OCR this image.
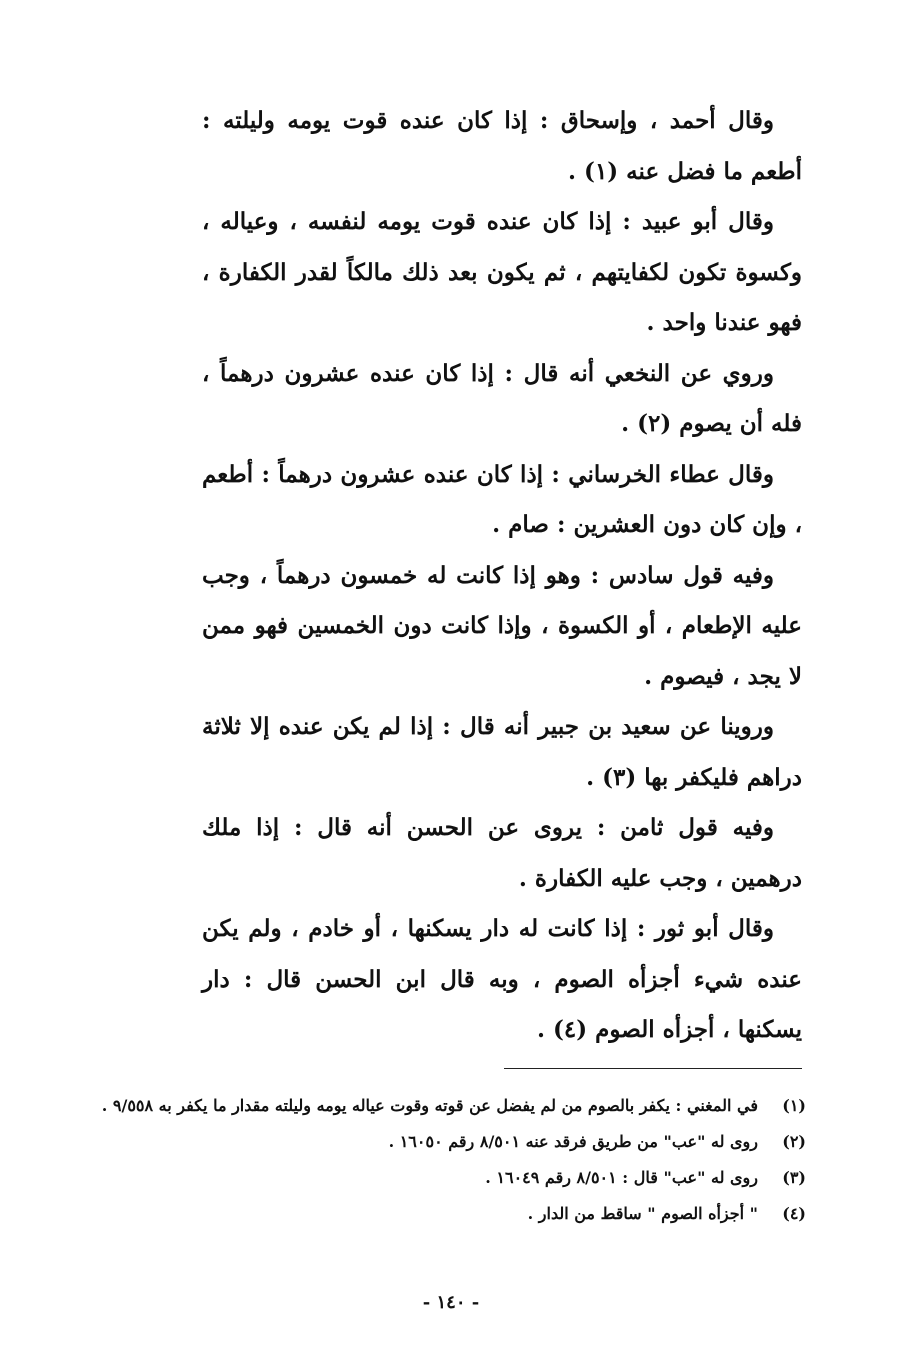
وقال أحمد ، وإسحاق : إذا كان عنده قوت يومه وليلته : أطعم ما فضل عنه (١) .

وقال أبو عبيد : إذا كان عنده قوت يومه لنفسه ، وعياله ، وكسوة تكون لكفايتهم ، ثم يكون بعد ذلك مالكاً لقدر الكفارة ، فهو عندنا واحد .

وروي عن النخعي أنه قال : إذا كان عنده عشرون درهماً ، فله أن يصوم (٢) .

وقال عطاء الخرساني : إذا كان عنده عشرون درهماً : أطعم ، وإن كان دون العشرين : صام .

وفيه قول سادس : وهو إذا كانت له خمسون درهماً ، وجب عليه الإطعام ، أو الكسوة ، وإذا كانت دون الخمسين فهو ممن لا يجد ، فيصوم .

وروينا عن سعيد بن جبير أنه قال : إذا لم يكن عنده إلا ثلاثة دراهم فليكفر بها (٣) .

وفيه قول ثامن : يروى عن الحسن أنه قال : إذا ملك درهمين ، وجب عليه الكفارة .

وقال أبو ثور : إذا كانت له دار يسكنها ، أو خادم ، ولم يكن عنده شيء أجزأه الصوم ، وبه قال ابن الحسن قال : دار يسكنها ، أجزأه الصوم (٤) .

(١)
في المغني : يكفر بالصوم من لم يفضل عن قوته وقوت عياله يومه وليلته مقدار ما يكفر به ٩/٥٥٨ .
(٢)
روى له "عب" من طريق فرقد عنه ٨/٥٠١ رقم ١٦٠٥٠ .
(٣)
روى له "عب" قال : ٨/٥٠١ رقم ١٦٠٤٩ .
(٤)
" أجزأه الصوم " ساقط من الدار .
- ١٤٠ -
